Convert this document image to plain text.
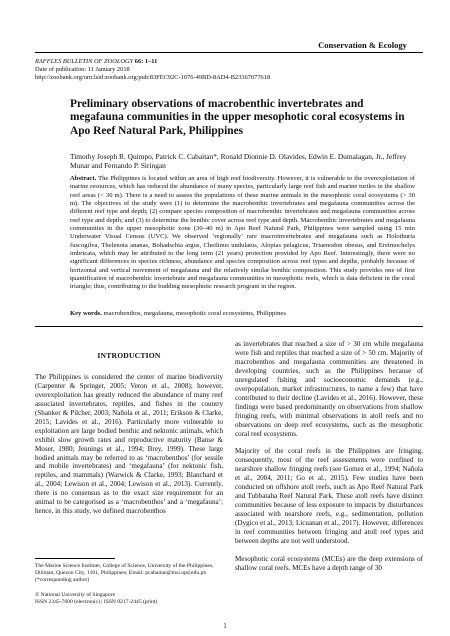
Conservation & Ecology
RAFFLES BULLETIN OF ZOOLOGY 66: 1–11
Date of publication: 11 January 2018
http://zoobank.org/urn:lsid:zoobank.org:pub:83FEC92C-1076-49BD-8AD4-B23367077618
Preliminary observations of macrobenthic invertebrates and megafauna communities in the upper mesophotic coral ecosystems in Apo Reef Natural Park, Philippines
Timothy Joseph R. Quimpo, Patrick C. Cabaitan*, Ronald Dionnie D. Olavides, Edwin E. Dumalagan, Jr., Jeffrey Munar and Fernando P. Siringan
Abstract. The Philippines is located within an area of high reef biodiversity. However, it is vulnerable to the overexploitation of marine resources, which has reduced the abundance of many species, particularly large reef fish and marine turtles in the shallow reef areas (< 30 m). There is a need to assess the populations of these marine animals in the mesophotic coral ecosystems (> 30 m). The objectives of the study were (1) to determine the macrobenthic invertebrates and megafauna communities across the different reef type and depth; (2) compare species composition of macrobenthic invertebrates and megafauna communities across reef type and depth; and (3) to determine the benthic cover across reef type and depth. Macrobenthic invertebrates and megafauna communities in the upper mesophotic zone (30–40 m) in Apo Reef Natural Park, Philippines were sampled using 15 min Underwater Visual Census (UVC). We observed ‘regionally’ rare macroinvertebrates and megafauna such as Holothuria fuscogilva, Thelenota ananas, Bohadschia argus, Cheilinus undulatus, Alopias pelagicus, Triaenodon obesus, and Eretmochelys imbricata, which may be attributed to the long term (21 years) protection provided by Apo Reef. Interestingly, there were no significant differences in species richness, abundance and species composition across reef types and depths, probably because of horizontal and vertical movement of megafauna and the relatively similar benthic composition. This study provides one of first quantification of macrobenthic invertebrate and megafauna communities in mesophotic reefs, which is data deficient in the coral triangle; thus, contributing to the budding mesophotic research program in the region.
Key words. macrobenthos, megafauna, mesophotic coral ecosystems, Philippines
INTRODUCTION

The Philippines is considered the center of marine biodiversity (Carpenter & Springer, 2005; Veron et al., 2008); however, overexploitation has greatly reduced the abundance of many reef associated invertebrates, reptiles, and fishes in the country (Shanker & Pilcher, 2003; Nañola et al., 2011; Erikson & Clarke, 2015; Lavides et al., 2016). Particularly more vulnerable to exploitation are large bodied benthic and nektonic animals, which exhibit slow growth rates and reproductive maturity (Banse & Moser, 1980; Jennings et al., 1994; Brey, 1999). These large bodied animals may be referred to as ‘macrobenthos’ (for sessile and mobile invertebrates) and ‘megafauna’ (for nektonic fish, reptiles, and mammals) (Warwick & Clarke, 1993; Blanchard et al., 2004; Lewison et al., 2004; Lewison et al., 2013). Currently, there is no consensus as to the exact size requirement for an animal to be categorised as a ‘macrobenthos’ and a ‘megafauna’; hence, in this study, we defined macrobenthos

as invertebrates that reached a size of > 30 cm while megafauna were fish and reptiles that reached a size of > 50 cm. Majority of macrobenthos and megafauna communities are threatened in developing countries, such as the Philippines because of unregulated fishing and socioeconomic demands (e.g., overpopulation, market infrastructures, to name a few) that have contributed to their decline (Lavides et al., 2016). However, these findings were based predominantly on observations from shallow fringing reefs, with minimal observations in atoll reefs and no observations on deep reef ecosystems, such as the mesophotic coral reef ecosystems.

Majority of the coral reefs in the Philippines are fringing, consequently, most of the reef assessments were confined to nearshore shallow fringing reefs (see Gomez et al., 1994; Nañola et al., 2004, 2011; Go et al., 2015). Few studies have been conducted on offshore atoll reefs, such as Apo Reef Natural Park and Tubbataha Reef Natural Park. These atoll reefs have distinct communities because of less exposure to impacts by disturbances associated with nearshore reefs, e.g., sedimentation, pollution (Dygico et al., 2013; Licuanan et al., 2017). However, differences in reef communities between fringing and atoll reef types and between depths are not well understood.

Mesophotic coral ecosystems (MCEs) are the deep extensions of shallow coral reefs. MCEs have a depth range of 30

The Marine Science Institute, College of Science, University of the Philippines, Diliman, Quezon City, 1101, Philippines; Email: pcabaitan@msi.upd.edu.ph (*corresponding author)
© National University of Singapore
ISSN 2345-7600 (electronic) | ISSN 0217-2445 (print)
1
